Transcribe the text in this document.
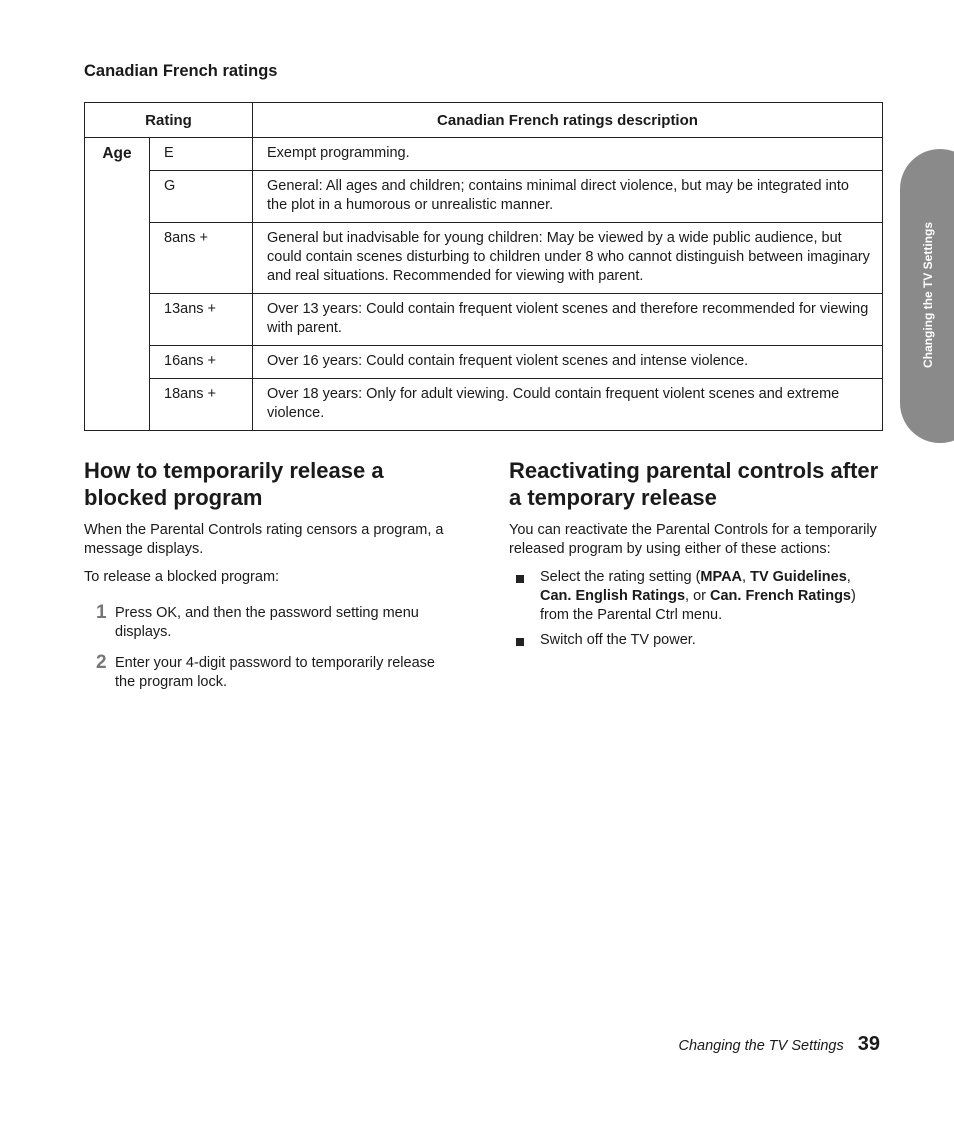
Canadian French ratings
Rating		Canadian French ratings description
Age	E	Exempt programming.
	G	General: All ages and children; contains minimal direct violence, but may be integrated into the plot in a humorous or unrealistic manner.
	8ans +	General but inadvisable for young children: May be viewed by a wide public audience, but could contain scenes disturbing to children under 8 who cannot distinguish between imaginary and real situations. Recommended for viewing with parent.
	13ans +	Over 13 years: Could contain frequent violent scenes and therefore recommended for viewing with parent.
	16ans +	Over 16 years: Could contain frequent violent scenes and intense violence.
	18ans +	Over 18 years: Only for adult viewing. Could contain frequent violent scenes and extreme violence.
How to temporarily release a blocked program

When the Parental Controls rating censors a program, a message displays.

To release a blocked program:

1 Press OK, and then the password setting menu displays.
2 Enter your 4-digit password to temporarily release the program lock.
Reactivating parental controls after a temporary release

You can reactivate the Parental Controls for a temporarily released program by using either of these actions:

Select the rating setting (MPAA, TV Guidelines, Can. English Ratings, or Can. French Ratings) from the Parental Ctrl menu.
Switch off the TV power.
Changing the TV Settings
Changing the TV Settings 39
